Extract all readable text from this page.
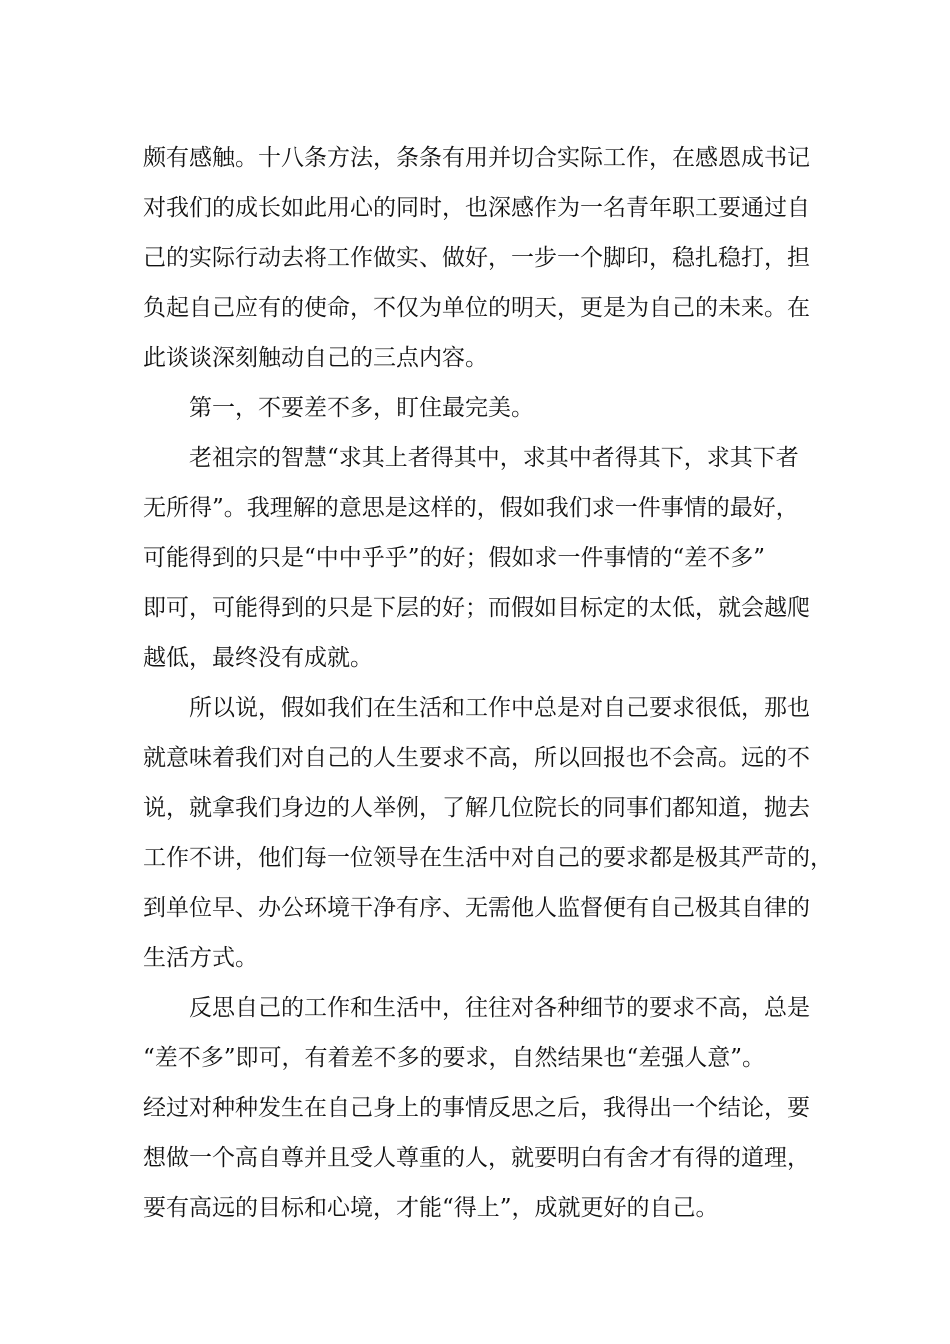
颇有感触。十八条方法，条条有用并切合实际工作，在感恩成书记
对我们的成长如此用心的同时，也深感作为一名青年职工要通过自
己的实际行动去将工作做实、做好，一步一个脚印，稳扎稳打，担
负起自己应有的使命，不仅为单位的明天，更是为自己的未来。在
此谈谈深刻触动自己的三点内容。
第一，不要差不多，盯住最完美。
老祖宗的智慧“求其上者得其中，求其中者得其下，求其下者
无所得”。我理解的意思是这样的，假如我们求一件事情的最好，
可能得到的只是“中中乎乎”的好；假如求一件事情的“差不多”
即可，可能得到的只是下层的好；而假如目标定的太低，就会越爬
越低，最终没有成就。
所以说，假如我们在生活和工作中总是对自己要求很低，那也
就意味着我们对自己的人生要求不高，所以回报也不会高。远的不
说，就拿我们身边的人举例，了解几位院长的同事们都知道，抛去
工作不讲，他们每一位领导在生活中对自己的要求都是极其严苛的，
到单位早、办公环境干净有序、无需他人监督便有自己极其自律的
生活方式。
反思自己的工作和生活中，往往对各种细节的要求不高，总是
“差不多”即可，有着差不多的要求，自然结果也“差强人意”。
经过对种种发生在自己身上的事情反思之后，我得出一个结论，要
想做一个高自尊并且受人尊重的人，就要明白有舍才有得的道理，
要有高远的目标和心境，才能“得上”，成就更好的自己。
